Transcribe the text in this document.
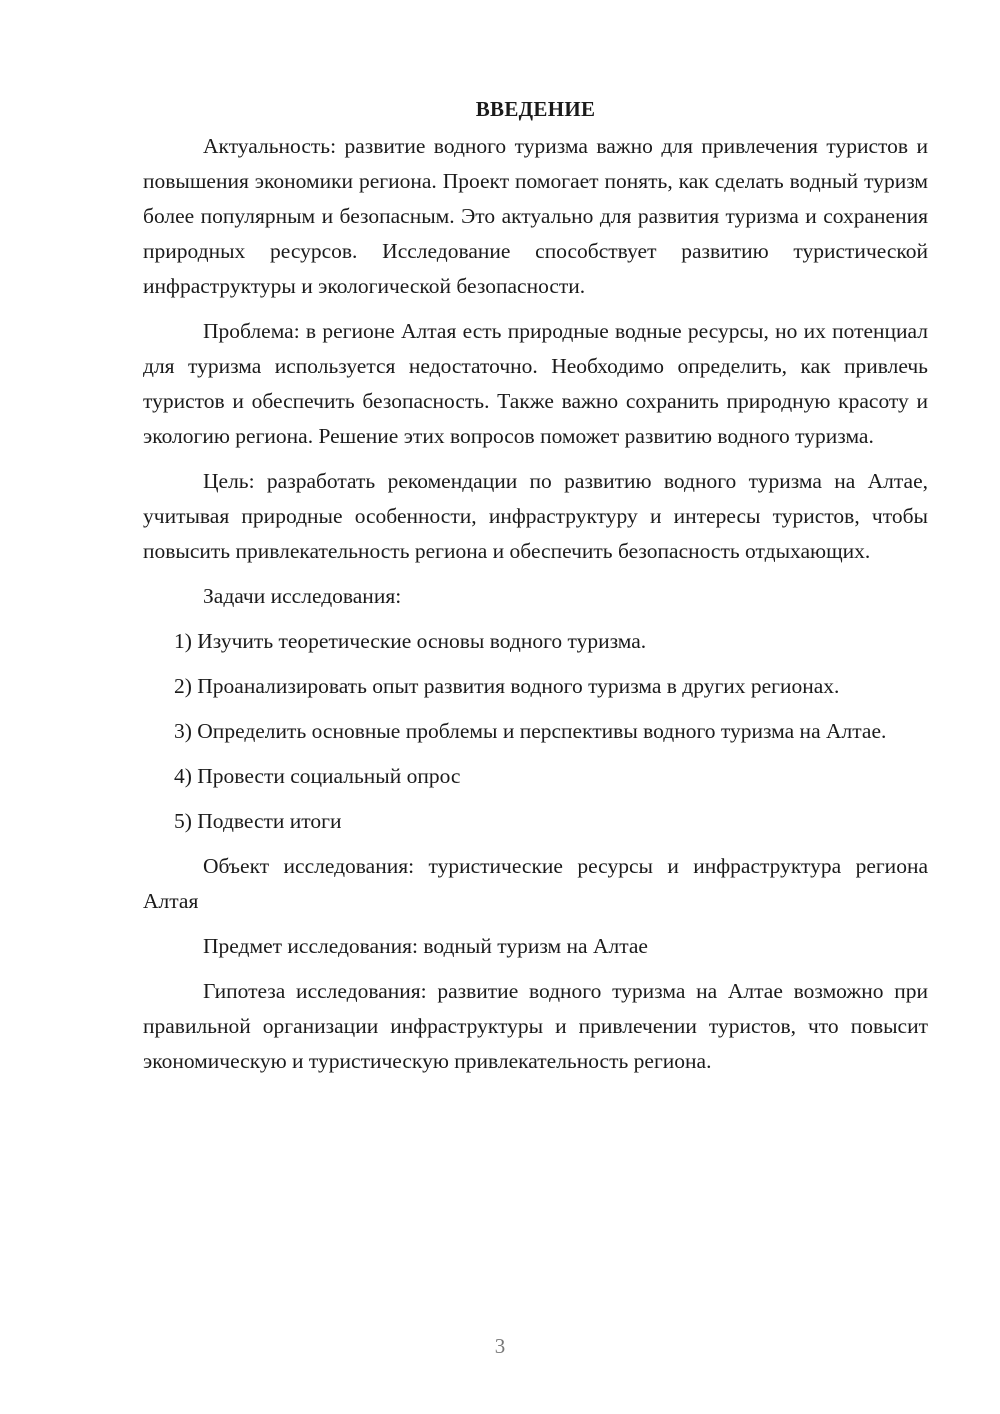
ВВЕДЕНИЕ

Актуальность: развитие водного туризма важно для привлечения туристов и повышения экономики региона. Проект помогает понять, как сделать водный туризм более популярным и безопасным. Это актуально для развития туризма и сохранения природных ресурсов. Исследование способствует развитию туристической инфраструктуры и экологической безопасности.

Проблема: в регионе Алтая есть природные водные ресурсы, но их потенциал для туризма используется недостаточно. Необходимо определить, как привлечь туристов и обеспечить безопасность. Также важно сохранить природную красоту и экологию региона. Решение этих вопросов поможет развитию водного туризма.

Цель: разработать рекомендации по развитию водного туризма на Алтае, учитывая природные особенности, инфраструктуру и интересы туристов, чтобы повысить привлекательность региона и обеспечить безопасность отдыхающих.

Задачи исследования:

1) Изучить теоретические основы водного туризма.

2) Проанализировать опыт развития водного туризма в других регионах.

3) Определить основные проблемы и перспективы водного туризма на Алтае.

4) Провести социальный опрос

5) Подвести итоги

Объект исследования: туристические ресурсы и инфраструктура региона Алтая

Предмет исследования: водный туризм на Алтае

Гипотеза исследования: развитие водного туризма на Алтае возможно при правильной организации инфраструктуры и привлечении туристов, что повысит экономическую и туристическую привлекательность региона.

3
